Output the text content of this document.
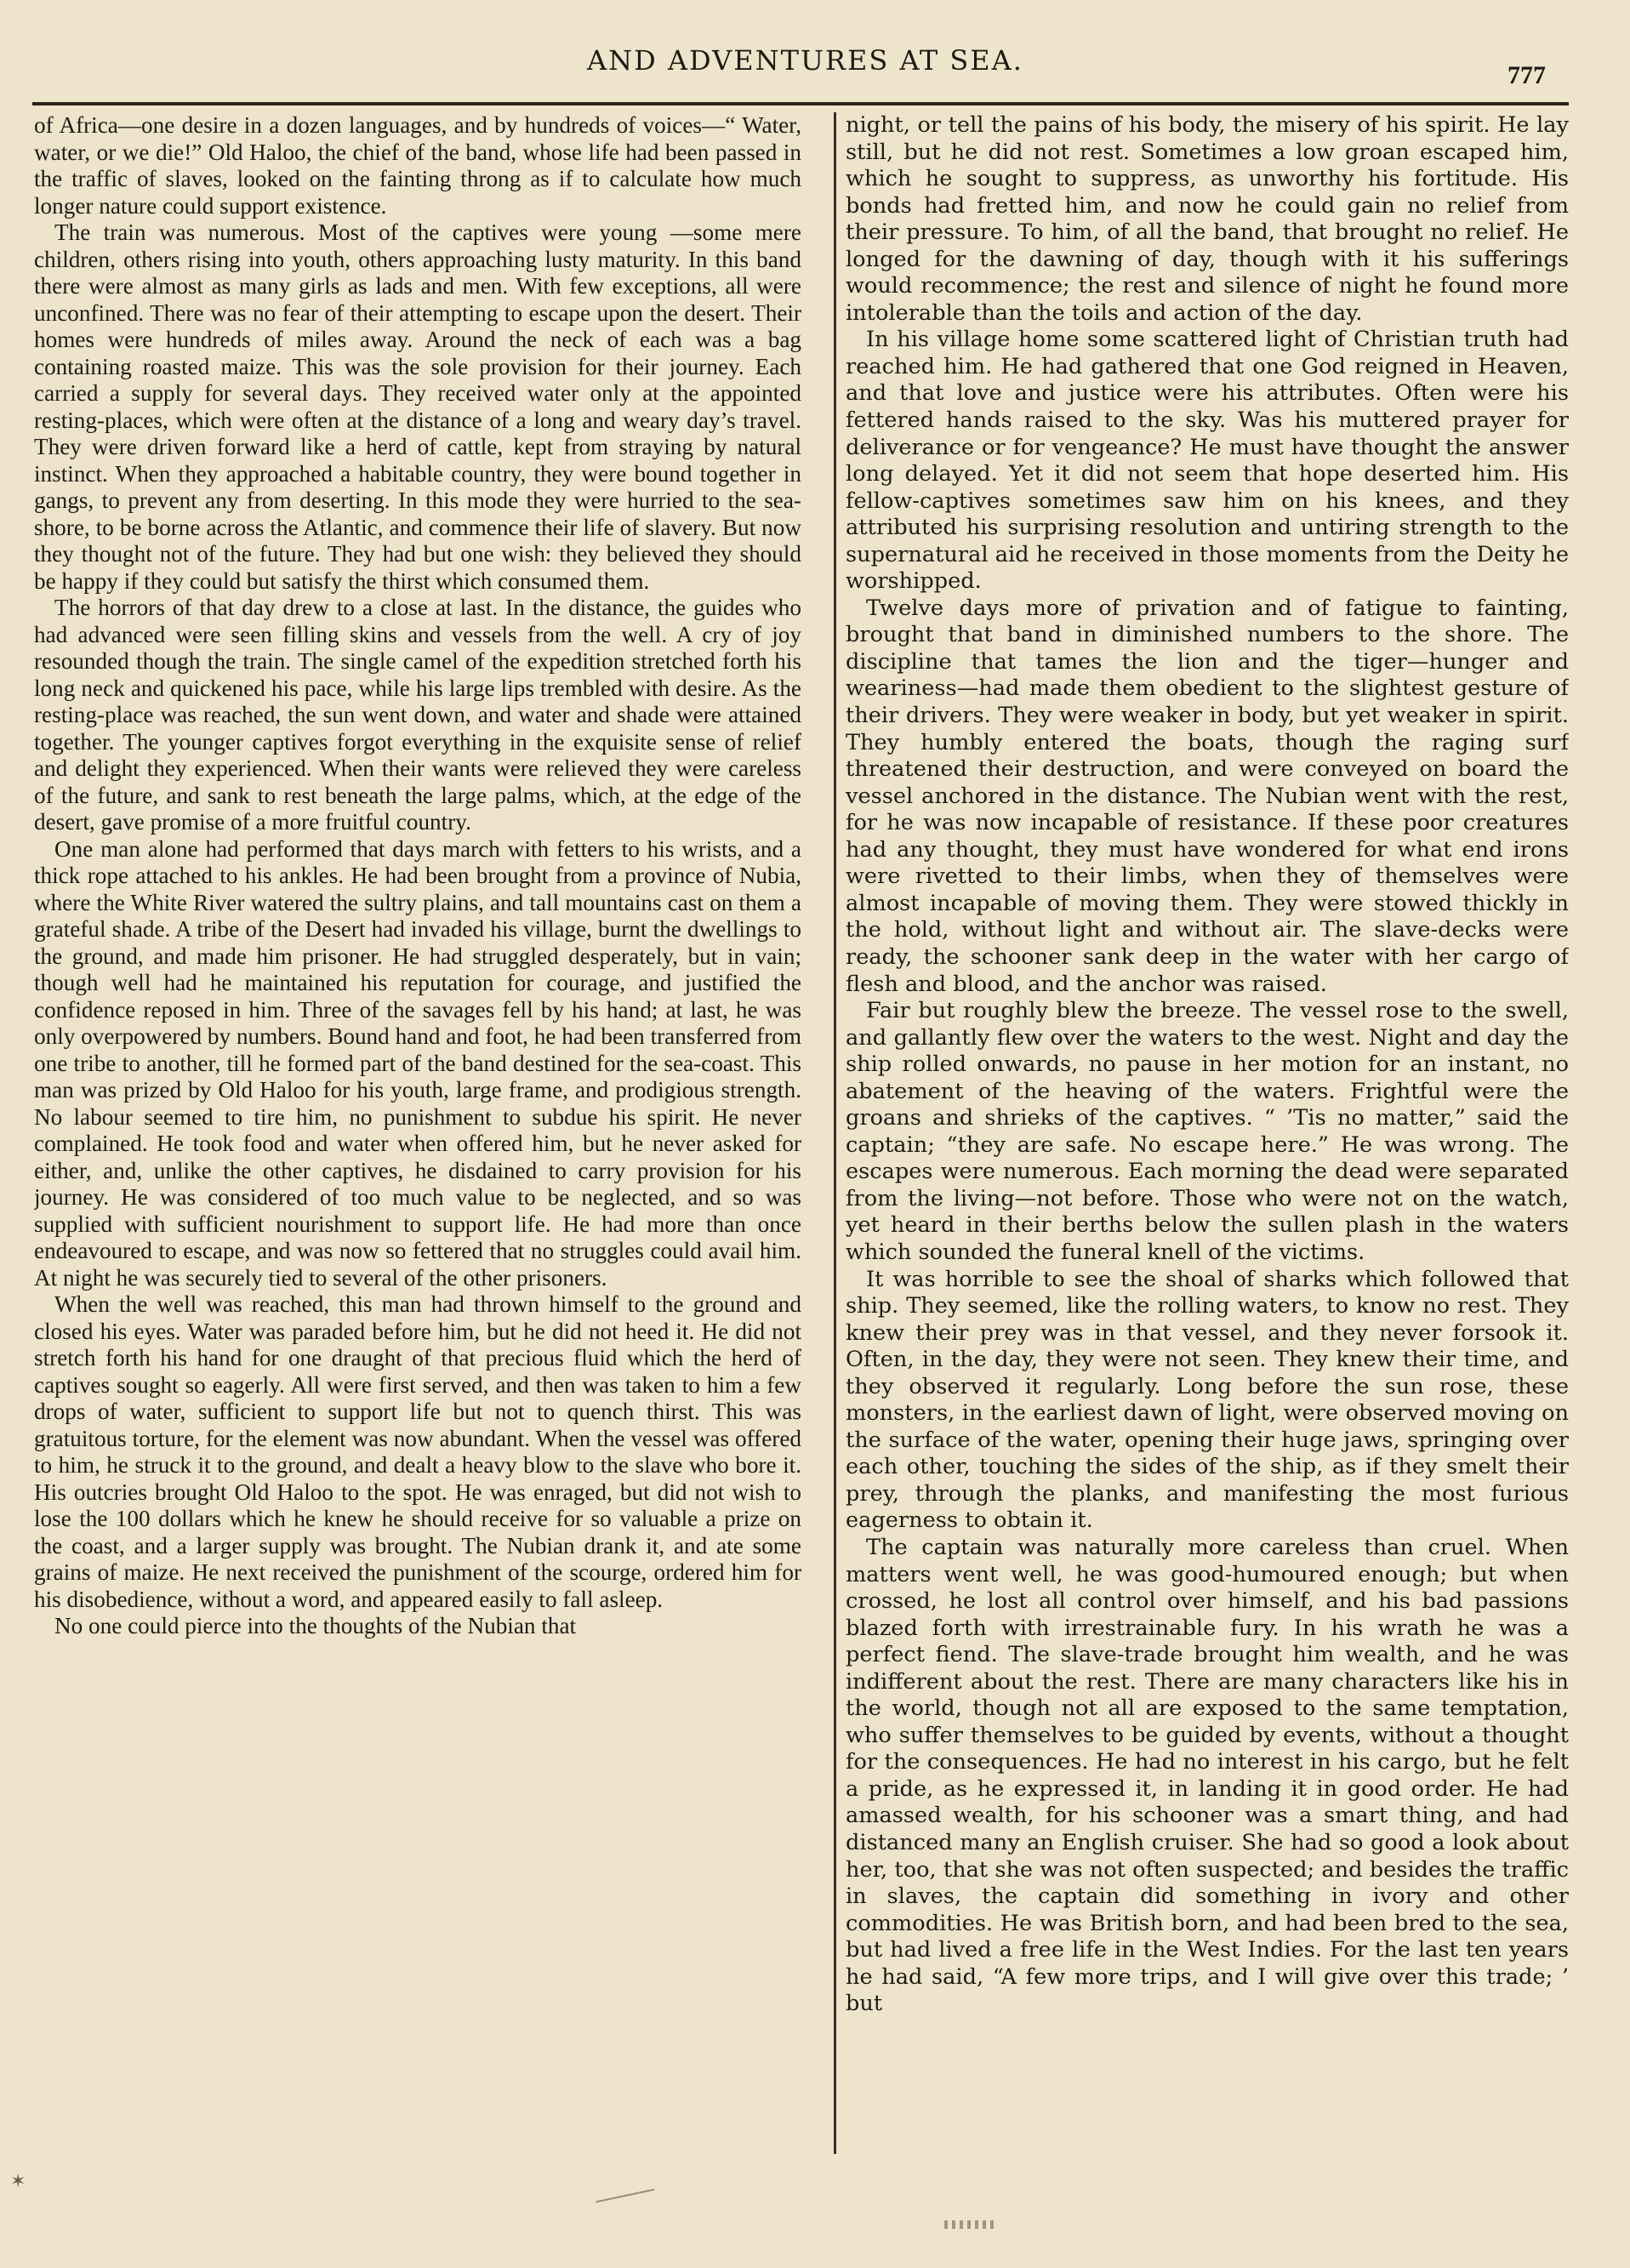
AND ADVENTURES AT SEA.	777

of Africa—one desire in a dozen languages, and by hundreds of voices—“ Water, water, or we die!” Old Haloo, the chief of the band, whose life had been passed in the traffic of slaves, looked on the fainting throng as if to calculate how much longer nature could support existence.

The train was numerous. Most of the captives were young —some mere children, others rising into youth, others approaching lusty maturity. In this band there were almost as many girls as lads and men. With few exceptions, all were unconfined. There was no fear of their attempting to escape upon the desert. Their homes were hundreds of miles away. Around the neck of each was a bag containing roasted maize. This was the sole provision for their journey. Each carried a supply for several days. They received water only at the appointed resting-places, which were often at the distance of a long and weary day’s travel. They were driven forward like a herd of cattle, kept from straying by natural instinct. When they approached a habitable country, they were bound together in gangs, to prevent any from deserting. In this mode they were hurried to the sea-shore, to be borne across the Atlantic, and commence their life of slavery. But now they thought not of the future. They had but one wish: they believed they should be happy if they could but satisfy the thirst which consumed them.

The horrors of that day drew to a close at last. In the distance, the guides who had advanced were seen filling skins and vessels from the well. A cry of joy resounded though the train. The single camel of the expedition stretched forth his long neck and quickened his pace, while his large lips trembled with desire. As the resting-place was reached, the sun went down, and water and shade were attained together. The younger captives forgot everything in the exquisite sense of relief and delight they experienced. When their wants were relieved they were careless of the future, and sank to rest beneath the large palms, which, at the edge of the desert, gave promise of a more fruitful country.

One man alone had performed that days march with fetters to his wrists, and a thick rope attached to his ankles. He had been brought from a province of Nubia, where the White River watered the sultry plains, and tall mountains cast on them a grateful shade. A tribe of the Desert had invaded his village, burnt the dwellings to the ground, and made him prisoner. He had struggled desperately, but in vain; though well had he maintained his reputation for courage, and justified the confidence reposed in him. Three of the savages fell by his hand; at last, he was only overpowered by numbers. Bound hand and foot, he had been transferred from one tribe to another, till he formed part of the band destined for the sea-coast. This man was prized by Old Haloo for his youth, large frame, and prodigious strength. No labour seemed to tire him, no punishment to subdue his spirit. He never complained. He took food and water when offered him, but he never asked for either, and, unlike the other captives, he disdained to carry provision for his journey. He was considered of too much value to be neglected, and so was supplied with sufficient nourishment to support life. He had more than once endeavoured to escape, and was now so fettered that no struggles could avail him. At night he was securely tied to several of the other prisoners.

When the well was reached, this man had thrown himself to the ground and closed his eyes. Water was paraded before him, but he did not heed it. He did not stretch forth his hand for one draught of that precious fluid which the herd of captives sought so eagerly. All were first served, and then was taken to him a few drops of water, sufficient to support life but not to quench thirst. This was gratuitous torture, for the element was now abundant. When the vessel was offered to him, he struck it to the ground, and dealt a heavy blow to the slave who bore it. His outcries brought Old Haloo to the spot. He was enraged, but did not wish to lose the 100 dollars which he knew he should receive for so valuable a prize on the coast, and a larger supply was brought. The Nubian drank it, and ate some grains of maize. He next received the punishment of the scourge, ordered him for his disobedience, without a word, and appeared easily to fall asleep.

No one could pierce into the thoughts of the Nubian that

night, or tell the pains of his body, the misery of his spirit. He lay still, but he did not rest. Sometimes a low groan escaped him, which he sought to suppress, as unworthy his fortitude. His bonds had fretted him, and now he could gain no relief from their pressure. To him, of all the band, that brought no relief. He longed for the dawning of day, though with it his sufferings would recommence; the rest and silence of night he found more intolerable than the toils and action of the day.

In his village home some scattered light of Christian truth had reached him. He had gathered that one God reigned in Heaven, and that love and justice were his attributes. Often were his fettered hands raised to the sky. Was his muttered prayer for deliverance or for vengeance? He must have thought the answer long delayed. Yet it did not seem that hope deserted him. His fellow-captives sometimes saw him on his knees, and they attributed his surprising resolution and untiring strength to the supernatural aid he received in those moments from the Deity he worshipped.

Twelve days more of privation and of fatigue to fainting, brought that band in diminished numbers to the shore. The discipline that tames the lion and the tiger—hunger and weariness—had made them obedient to the slightest gesture of their drivers. They were weaker in body, but yet weaker in spirit. They humbly entered the boats, though the raging surf threatened their destruction, and were conveyed on board the vessel anchored in the distance. The Nubian went with the rest, for he was now incapable of resistance. If these poor creatures had any thought, they must have wondered for what end irons were rivetted to their limbs, when they of themselves were almost incapable of moving them. They were stowed thickly in the hold, without light and without air. The slave-decks were ready, the schooner sank deep in the water with her cargo of flesh and blood, and the anchor was raised.

Fair but roughly blew the breeze. The vessel rose to the swell, and gallantly flew over the waters to the west. Night and day the ship rolled onwards, no pause in her motion for an instant, no abatement of the heaving of the waters. Frightful were the groans and shrieks of the captives. “ ’Tis no matter,” said the captain; “they are safe. No escape here.” He was wrong. The escapes were numerous. Each morning the dead were separated from the living—not before. Those who were not on the watch, yet heard in their berths below the sullen plash in the waters which sounded the funeral knell of the victims.

It was horrible to see the shoal of sharks which followed that ship. They seemed, like the rolling waters, to know no rest. They knew their prey was in that vessel, and they never forsook it. Often, in the day, they were not seen. They knew their time, and they observed it regularly. Long before the sun rose, these monsters, in the earliest dawn of light, were observed moving on the surface of the water, opening their huge jaws, springing over each other, touching the sides of the ship, as if they smelt their prey, through the planks, and manifesting the most furious eagerness to obtain it.

The captain was naturally more careless than cruel. When matters went well, he was good-humoured enough; but when crossed, he lost all control over himself, and his bad passions blazed forth with irrestrainable fury. In his wrath he was a perfect fiend. The slave-trade brought him wealth, and he was indifferent about the rest. There are many characters like his in the world, though not all are exposed to the same temptation, who suffer themselves to be guided by events, without a thought for the consequences. He had no interest in his cargo, but he felt a pride, as he expressed it, in landing it in good order. He had amassed wealth, for his schooner was a smart thing, and had distanced many an English cruiser. She had so good a look about her, too, that she was not often suspected; and besides the traffic in slaves, the captain did something in ivory and other commodities. He was British born, and had been bred to the sea, but had lived a free life in the West Indies. For the last ten years he had said, “A few more trips, and I will give over this trade; ’ but

✶
